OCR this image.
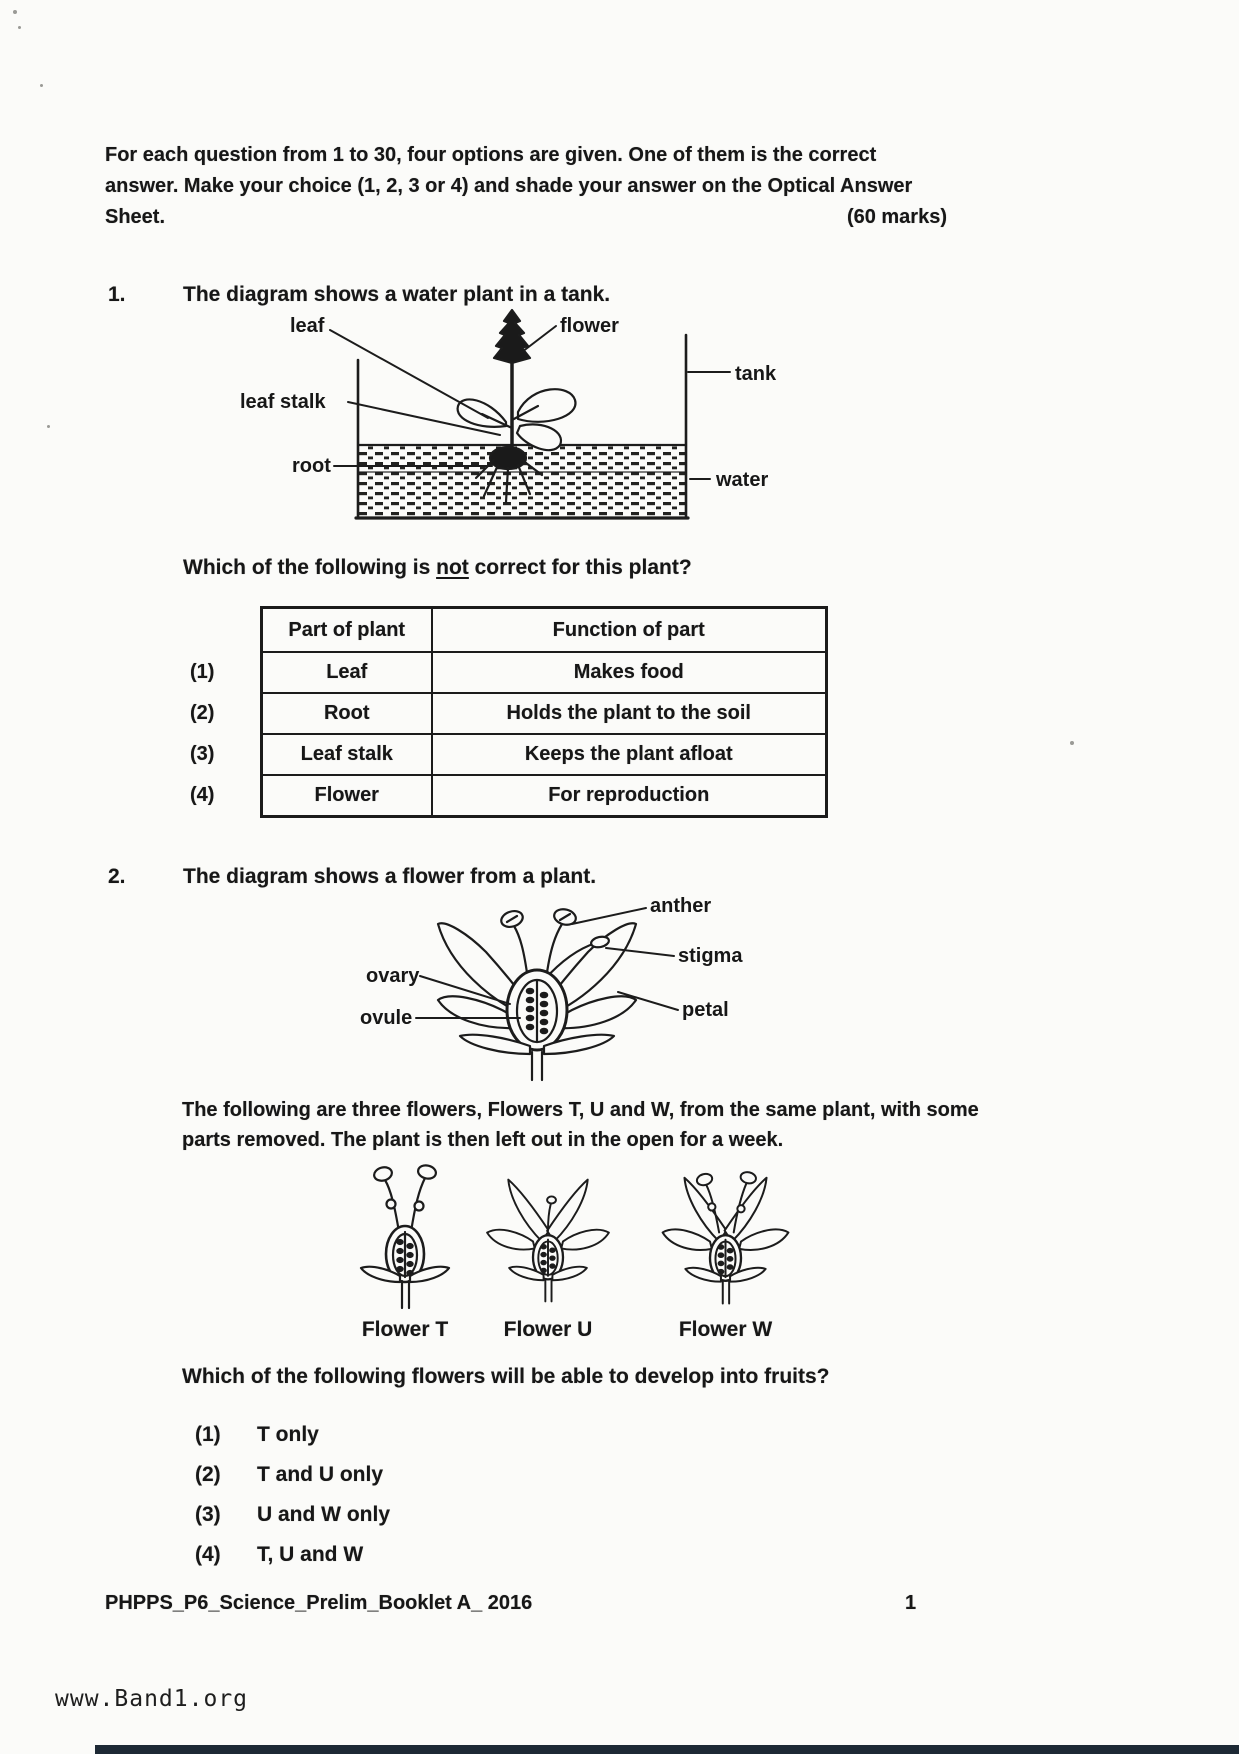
For each question from 1 to 30, four options are given. One of them is the correct answer. Make your choice (1, 2, 3 or 4) and shade your answer on the Optical Answer Sheet.	(60 marks)
1.	The diagram shows a water plant in a tank.
leaf	flower
leaf stalk
root
tank
water
Which of the following is not correct for this plant?
(1)
(2)
(3)
(4)
Part of plant	Function of part
Leaf	Makes food
Root	Holds the plant to the soil
Leaf stalk	Keeps the plant afloat
Flower	For reproduction
2.	The diagram shows a flower from a plant.
anther
stigma
ovary
ovule	petal
The following are three flowers, Flowers T, U and W, from the same plant, with some parts removed. The plant is then left out in the open for a week.
Flower T	Flower U	Flower W
Which of the following flowers will be able to develop into fruits?
(1)	T only
(2)	T and U only
(3)	U and W only
(4)	T, U and W
PHPPS_P6_Science_Prelim_Booklet A_ 2016	1
www.Band1.org
